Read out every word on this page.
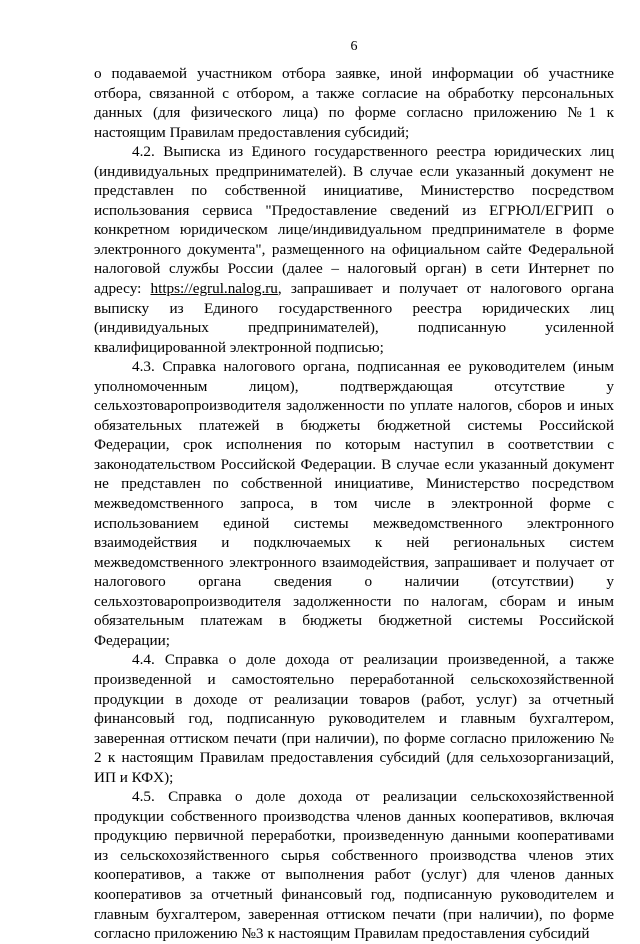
6

о подаваемой участником отбора заявке, иной информации об участнике отбора, связанной с отбором, а также согласие на обработку персональных данных (для физического лица) по форме согласно приложению №1 к настоящим Правилам предоставления субсидий;

4.2. Выписка из Единого государственного реестра юридических лиц (индивидуальных предпринимателей). В случае если указанный документ не представлен по собственной инициативе, Министерство посредством использования сервиса "Предоставление сведений из ЕГРЮЛ/ЕГРИП о конкретном юридическом лице/индивидуальном предпринимателе в форме электронного документа", размещенного на официальном сайте Федеральной налоговой службы России (далее – налоговый орган) в сети Интернет по адресу: https://egrul.nalog.ru, запрашивает и получает от налогового органа выписку из Единого государственного реестра юридических лиц (индивидуальных предпринимателей), подписанную усиленной квалифицированной электронной подписью;

4.3. Справка налогового органа, подписанная ее руководителем (иным уполномоченным лицом), подтверждающая отсутствие у сельхозтоваропроизводителя задолженности по уплате налогов, сборов и иных обязательных платежей в бюджеты бюджетной системы Российской Федерации, срок исполнения по которым наступил в соответствии с законодательством Российской Федерации. В случае если указанный документ не представлен по собственной инициативе, Министерство посредством межведомственного запроса, в том числе в электронной форме с использованием единой системы межведомственного электронного взаимодействия и подключаемых к ней региональных систем межведомственного электронного взаимодействия, запрашивает и получает от налогового органа сведения о наличии (отсутствии) у сельхозтоваропроизводителя задолженности по налогам, сборам и иным обязательным платежам в бюджеты бюджетной системы Российской Федерации;

4.4. Справка о доле дохода от реализации произведенной, а также произведенной и самостоятельно переработанной сельскохозяйственной продукции в доходе от реализации товаров (работ, услуг) за отчетный финансовый год, подписанную руководителем и главным бухгалтером, заверенная оттиском печати (при наличии), по форме согласно приложению № 2 к настоящим Правилам предоставления субсидий (для сельхозорганизаций, ИП и КФХ);

4.5. Справка о доле дохода от реализации сельскохозяйственной продукции собственного производства членов данных кооперативов, включая продукцию первичной переработки, произведенную данными кооперативами из сельскохозяйственного сырья собственного производства членов этих кооперативов, а также от выполнения работ (услуг) для членов данных кооперативов за отчетный финансовый год, подписанную руководителем и главным бухгалтером, заверенная оттиском печати (при наличии), по форме согласно приложению №3 к настоящим Правилам предоставления субсидий
